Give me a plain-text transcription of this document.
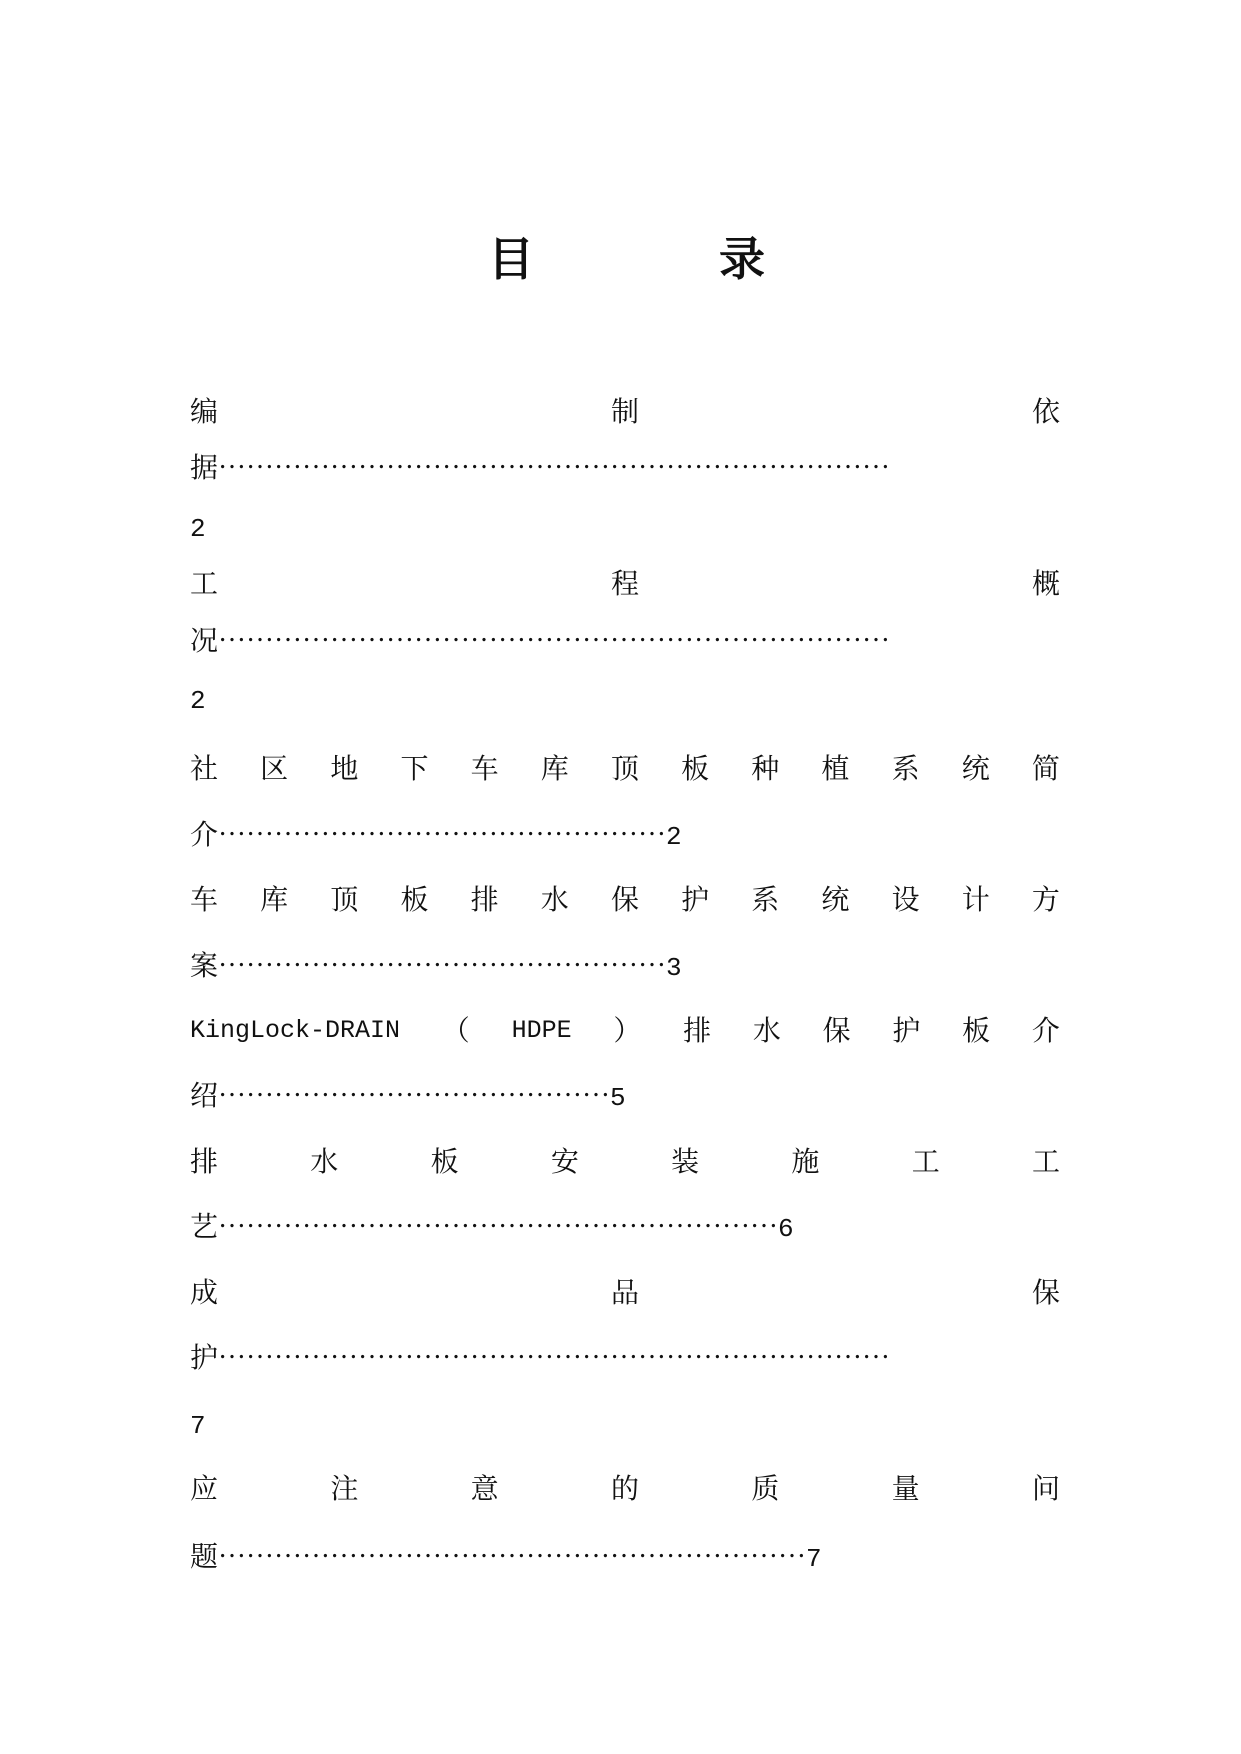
目	录
编	制	依
据………………………………………………………………
2
工	程	概
况………………………………………………………………
2
社 区 地 下 车 库 顶 板 种 植 系 统 简
介…………………………………………2
车 库 顶 板 排 水 保 护 系 统 设 计 方
案…………………………………………3
KingLock-DRAIN （ HDPE ） 排 水 保 护 板 介
绍……………………………………5
排	水	板	安	装	施	工	工
艺……………………………………………………6
成	品	保
护………………………………………………………………
7
应	注	意	的	质	量	问
题………………………………………………………7
